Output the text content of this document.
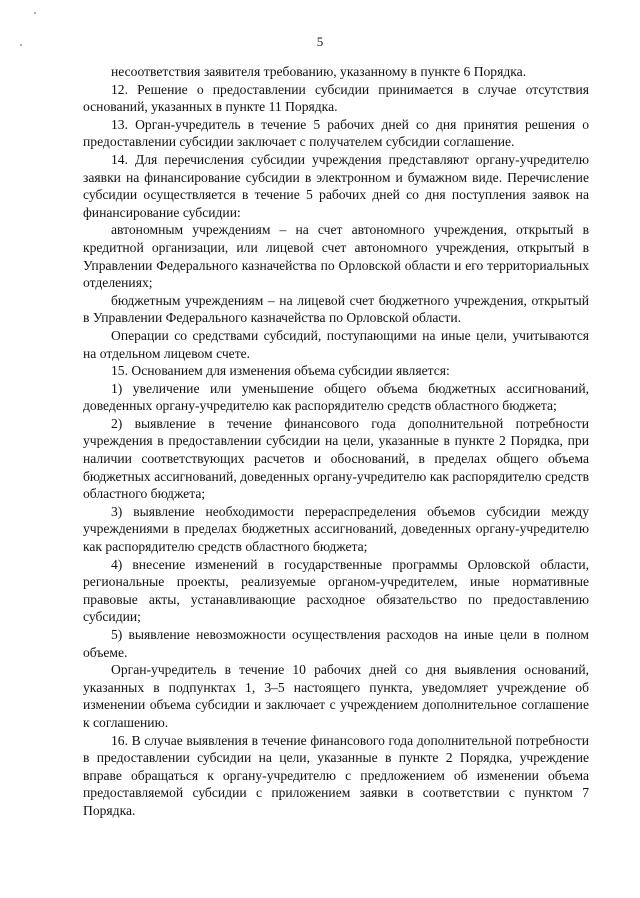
5

несоответствия заявителя требованию, указанному в пункте 6 Порядка.

12. Решение о предоставлении субсидии принимается в случае отсутствия оснований, указанных в пункте 11 Порядка.

13. Орган-учредитель в течение 5 рабочих дней со дня принятия решения о предоставлении субсидии заключает с получателем субсидии соглашение.

14. Для перечисления субсидии учреждения представляют органу-учредителю заявки на финансирование субсидии в электронном и бумажном виде. Перечисление субсидии осуществляется в течение 5 рабочих дней со дня поступления заявок на финансирование субсидии:

автономным учреждениям – на счет автономного учреждения, открытый в кредитной организации, или лицевой счет автономного учреждения, открытый в Управлении Федерального казначейства по Орловской области и его территориальных отделениях;

бюджетным учреждениям – на лицевой счет бюджетного учреждения, открытый в Управлении Федерального казначейства по Орловской области.

Операции со средствами субсидий, поступающими на иные цели, учитываются на отдельном лицевом счете.

15. Основанием для изменения объема субсидии является:

1) увеличение или уменьшение общего объема бюджетных ассигнований, доведенных органу-учредителю как распорядителю средств областного бюджета;

2) выявление в течение финансового года дополнительной потребности учреждения в предоставлении субсидии на цели, указанные в пункте 2 Порядка, при наличии соответствующих расчетов и обоснований, в пределах общего объема бюджетных ассигнований, доведенных органу-учредителю как распорядителю средств областного бюджета;

3) выявление необходимости перераспределения объемов субсидии между учреждениями в пределах бюджетных ассигнований, доведенных органу-учредителю как распорядителю средств областного бюджета;

4) внесение изменений в государственные программы Орловской области, региональные проекты, реализуемые органом-учредителем, иные нормативные правовые акты, устанавливающие расходное обязательство по предоставлению субсидии;

5) выявление невозможности осуществления расходов на иные цели в полном объеме.

Орган-учредитель в течение 10 рабочих дней со дня выявления оснований, указанных в подпунктах 1, 3–5 настоящего пункта, уведомляет учреждение об изменении объема субсидии и заключает с учреждением дополнительное соглашение к соглашению.

16. В случае выявления в течение финансового года дополнительной потребности в предоставлении субсидии на цели, указанные в пункте 2 Порядка, учреждение вправе обращаться к органу-учредителю с предложением об изменении объема предоставляемой субсидии с приложением заявки в соответствии с пунктом 7 Порядка.
